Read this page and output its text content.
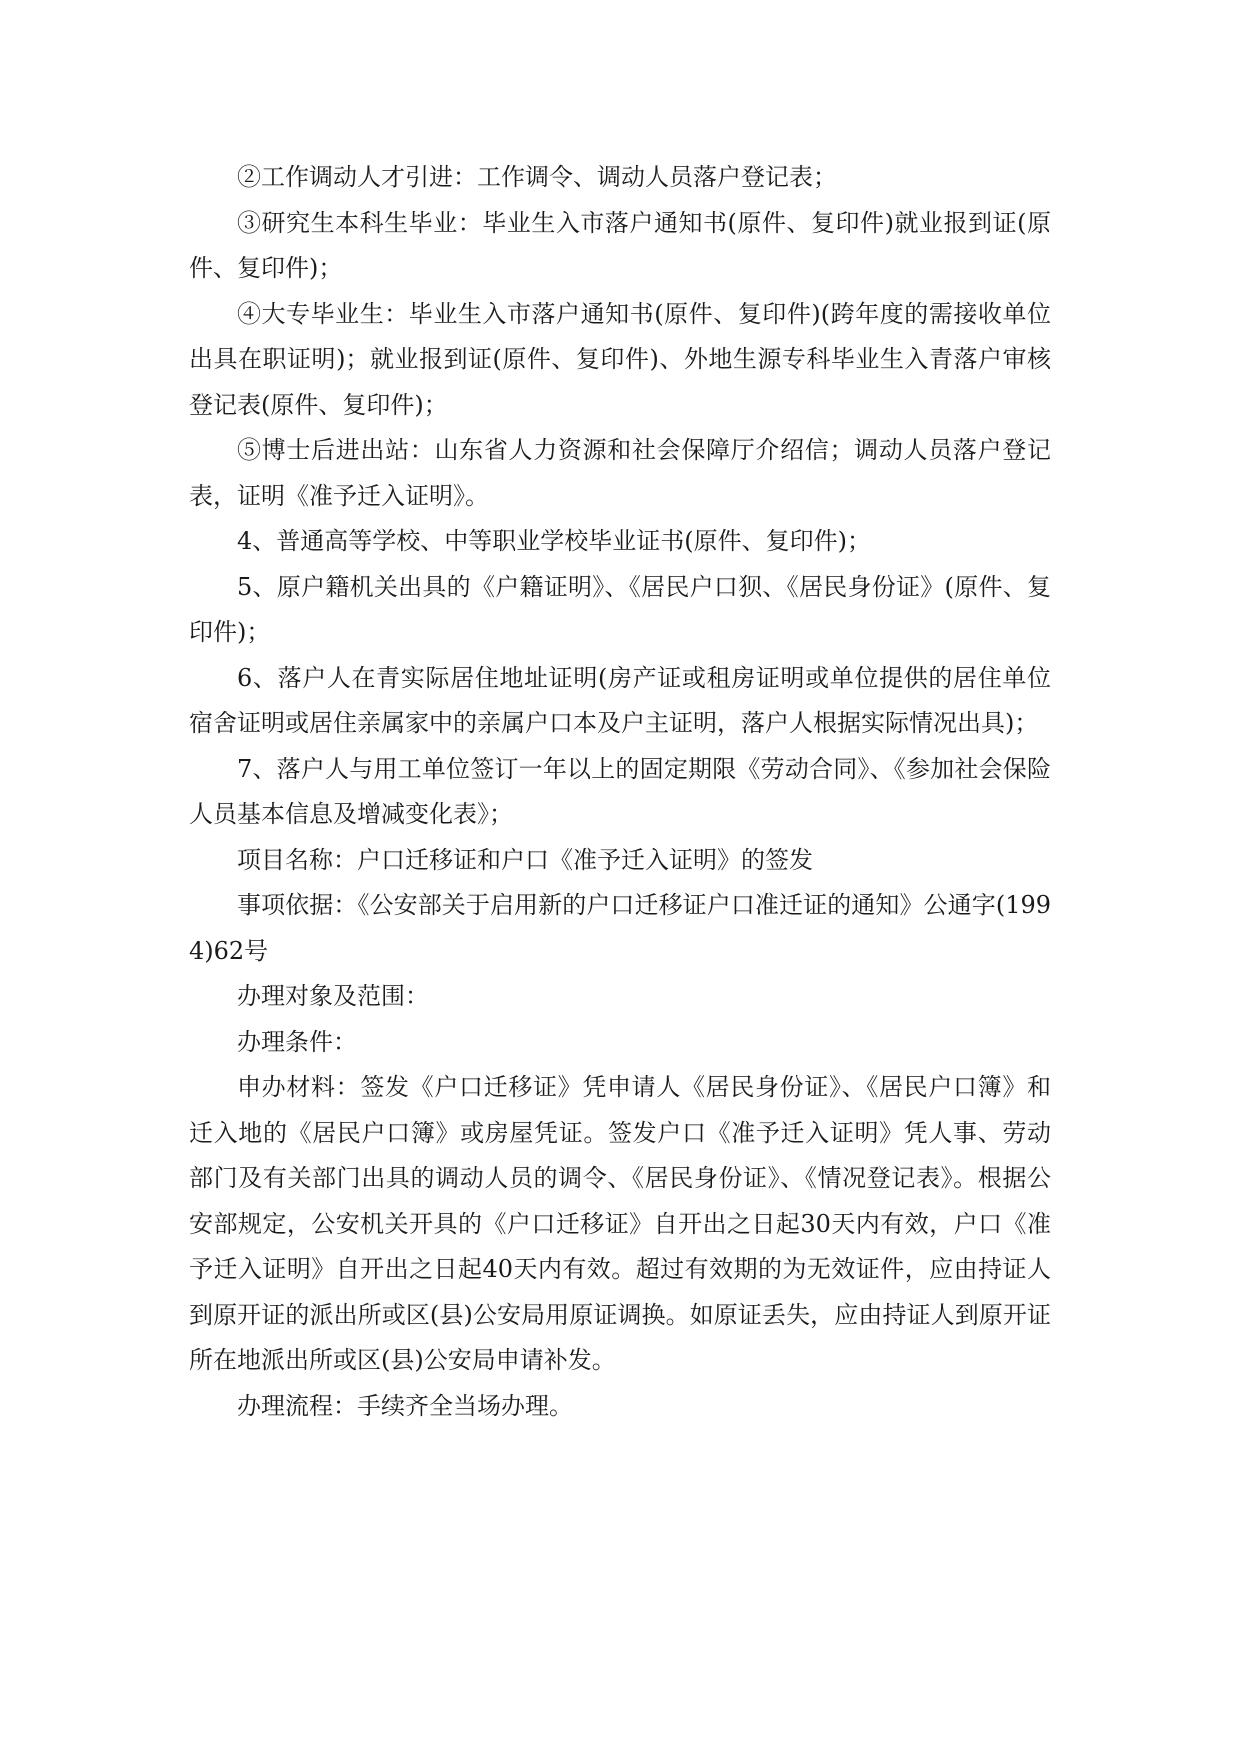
②工作调动人才引进：工作调令、调动人员落户登记表；

③研究生本科生毕业：毕业生入市落户通知书(原件、复印件)就业报到证(原件、复印件)；

④大专毕业生：毕业生入市落户通知书(原件、复印件)(跨年度的需接收单位出具在职证明)；就业报到证(原件、复印件)、外地生源专科毕业生入青落户审核登记表(原件、复印件)；

⑤博士后进出站：山东省人力资源和社会保障厅介绍信；调动人员落户登记表，证明《准予迁入证明》。

4、普通高等学校、中等职业学校毕业证书(原件、复印件)；

5、原户籍机关出具的《户籍证明》、《居民户口狈、《居民身份证》(原件、复印件)；

6、落户人在青实际居住地址证明(房产证或租房证明或单位提供的居住单位宿舍证明或居住亲属家中的亲属户口本及户主证明，落户人根据实际情况出具)；

7、落户人与用工单位签订一年以上的固定期限《劳动合同》、《参加社会保险人员基本信息及增减变化表》；

项目名称：户口迁移证和户口《准予迁入证明》的签发

事项依据：《公安部关于启用新的户口迁移证户口准迁证的通知》公通字(1994)62号

办理对象及范围：

办理条件：

申办材料：签发《户口迁移证》凭申请人《居民身份证》、《居民户口簿》和迁入地的《居民户口簿》或房屋凭证。签发户口《准予迁入证明》凭人事、劳动部门及有关部门出具的调动人员的调令、《居民身份证》、《情况登记表》。根据公安部规定，公安机关开具的《户口迁移证》自开出之日起30天内有效，户口《准予迁入证明》自开出之日起40天内有效。超过有效期的为无效证件，应由持证人到原开证的派出所或区(县)公安局用原证调换。如原证丢失，应由持证人到原开证所在地派出所或区(县)公安局申请补发。

办理流程：手续齐全当场办理。
